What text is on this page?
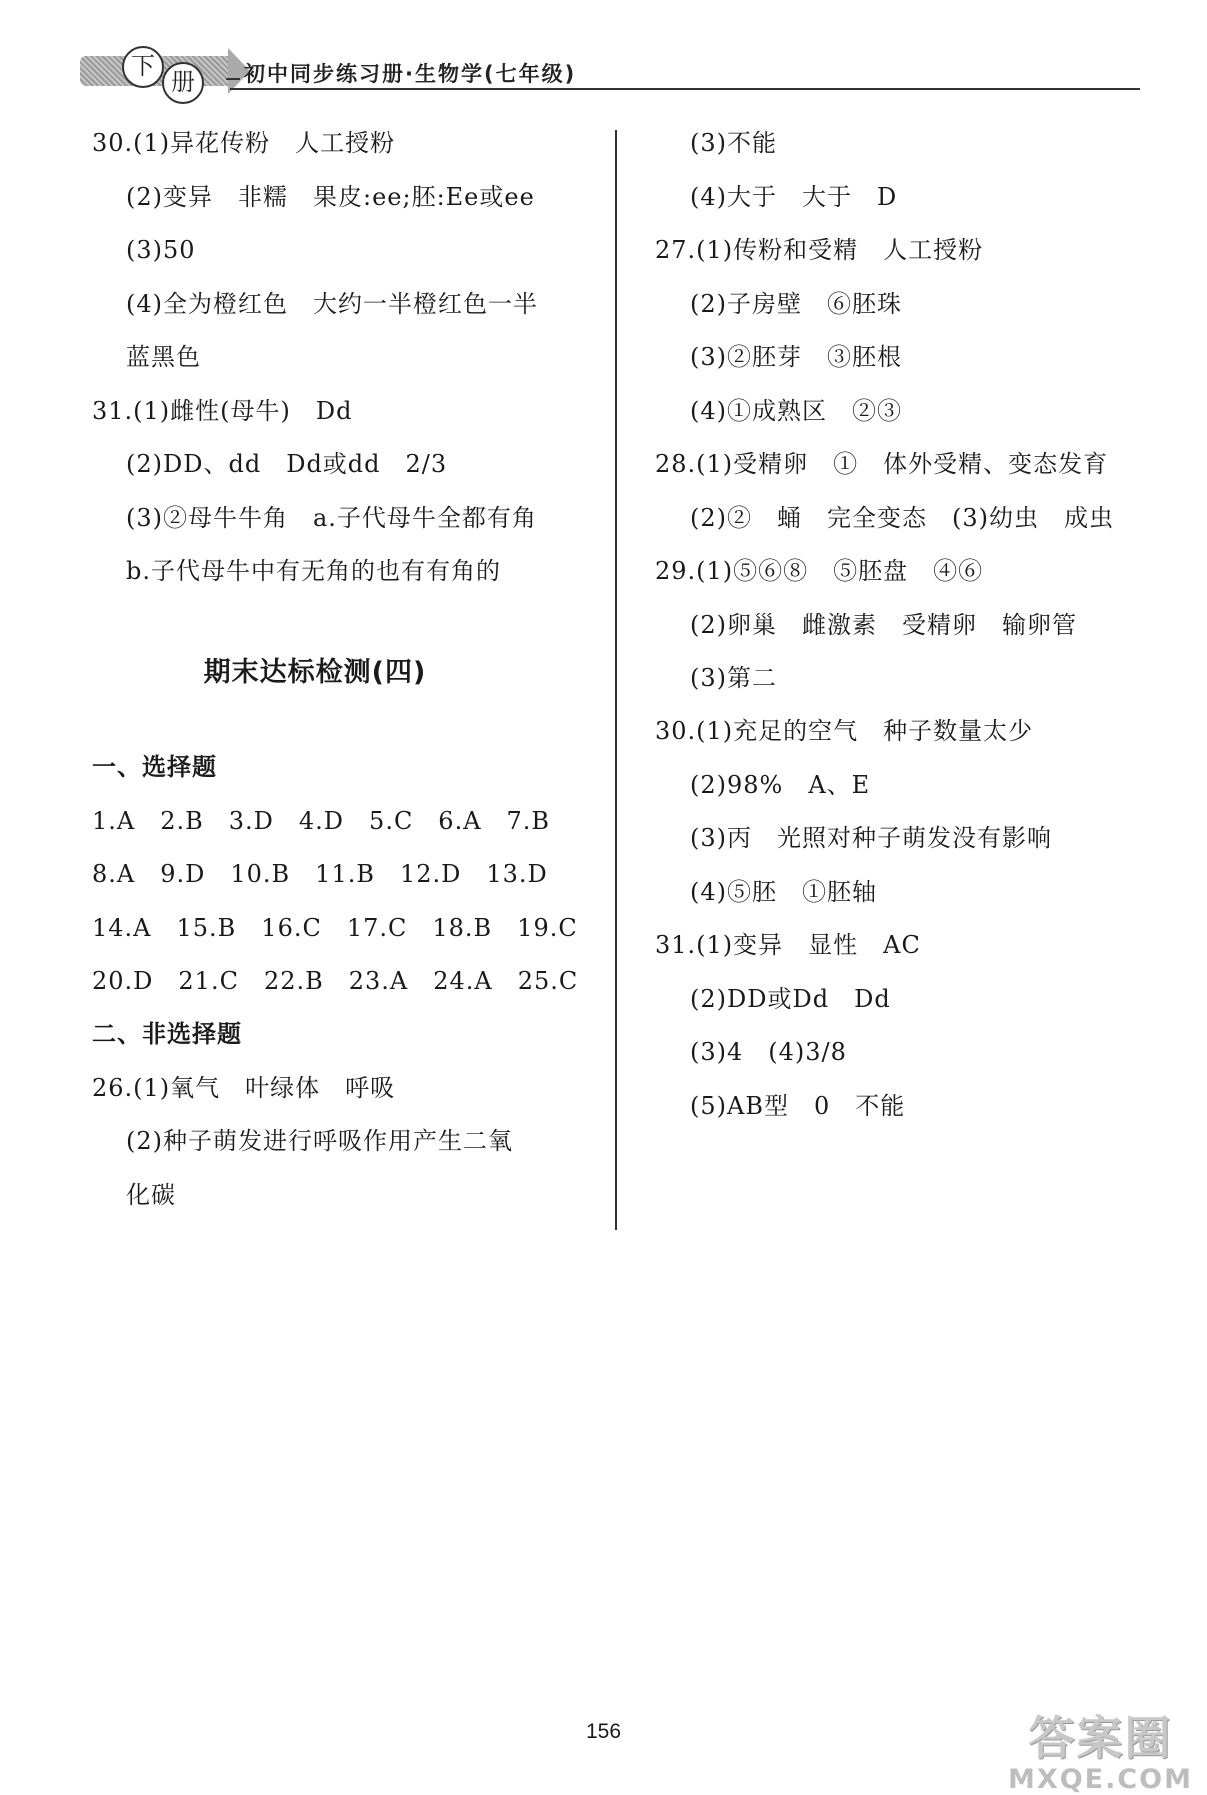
下
册	初中同步练习册·生物学(七年级)
30.(1)异花传粉　人工授粉
(2)变异　非糯　果皮:ee;胚:Ee或ee
(3)50
(4)全为橙红色　大约一半橙红色一半
蓝黑色
31.(1)雌性(母牛)　Dd
(2)DD、dd　Dd或dd　2/3
(3)②母牛牛角　a.子代母牛全都有角
b.子代母牛中有无角的也有有角的
期末达标检测(四)
一、选择题
1.A　2.B　3.D　4.D　5.C　6.A　7.B
8.A　9.D　10.B　11.B　12.D　13.D
14.A　15.B　16.C　17.C　18.B　19.C
20.D　21.C　22.B　23.A　24.A　25.C
二、非选择题
26.(1)氧气　叶绿体　呼吸
(2)种子萌发进行呼吸作用产生二氧
化碳
(3)不能
(4)大于　大于　D
27.(1)传粉和受精　人工授粉
(2)子房壁　⑥胚珠
(3)②胚芽　③胚根
(4)①成熟区　②③
28.(1)受精卵　①　体外受精、变态发育
(2)②　蛹　完全变态　(3)幼虫　成虫
29.(1)⑤⑥⑧　⑤胚盘　④⑥
(2)卵巢　雌激素　受精卵　输卵管
(3)第二
30.(1)充足的空气　种子数量太少
(2)98%　A、E
(3)丙　光照对种子萌发没有影响
(4)⑤胚　①胚轴
31.(1)变异　显性　AC
(2)DD或Dd　Dd
(3)4　(4)3/8
(5)AB型　0　不能
156	答案圈
MXQE.COM
